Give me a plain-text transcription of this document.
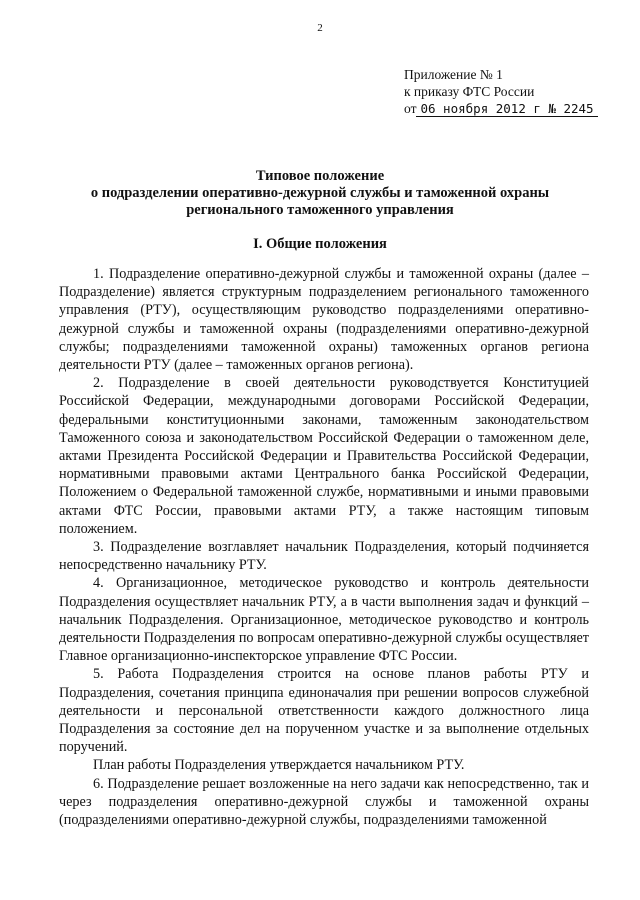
2
Приложение № 1
к приказу ФТС России
от 06 ноября 2012 г № 2245
Типовое положение
о подразделении оперативно-дежурной службы и таможенной охраны
регионального таможенного управления
I. Общие положения

1. Подразделение оперативно-дежурной службы и таможенной охраны (далее – Подразделение) является структурным подразделением регионального таможенного управления (РТУ), осуществляющим руководство подразделениями оперативно-дежурной службы и таможенной охраны (подразделениями оперативно-дежурной службы; подразделениями таможенной охраны) таможенных органов региона деятельности РТУ (далее – таможенных органов региона).

2. Подразделение в своей деятельности руководствуется Конституцией Российской Федерации, международными договорами Российской Федерации, федеральными конституционными законами, таможенным законодательством Таможенного союза и законодательством Российской Федерации о таможенном деле, актами Президента Российской Федерации и Правительства Российской Федерации, нормативными правовыми актами Центрального банка Российской Федерации, Положением о Федеральной таможенной службе, нормативными и иными правовыми актами ФТС России, правовыми актами РТУ, а также настоящим типовым положением.

3. Подразделение возглавляет начальник Подразделения, который подчиняется непосредственно начальнику РТУ.

4. Организационное, методическое руководство и контроль деятельности Подразделения осуществляет начальник РТУ, а в части выполнения задач и функций – начальник Подразделения. Организационное, методическое руководство и контроль деятельности Подразделения по вопросам оперативно-дежурной службы осуществляет Главное организационно-инспекторское управление ФТС России.

5. Работа Подразделения строится на основе планов работы РТУ и Подразделения, сочетания принципа единоначалия при решении вопросов служебной деятельности и персональной ответственности каждого должностного лица Подразделения за состояние дел на порученном участке и за выполнение отдельных поручений.

План работы Подразделения утверждается начальником РТУ.

6. Подразделение решает возложенные на него задачи как непосредственно, так и через подразделения оперативно-дежурной службы и таможенной охраны (подразделениями оперативно-дежурной службы, подразделениями таможенной
